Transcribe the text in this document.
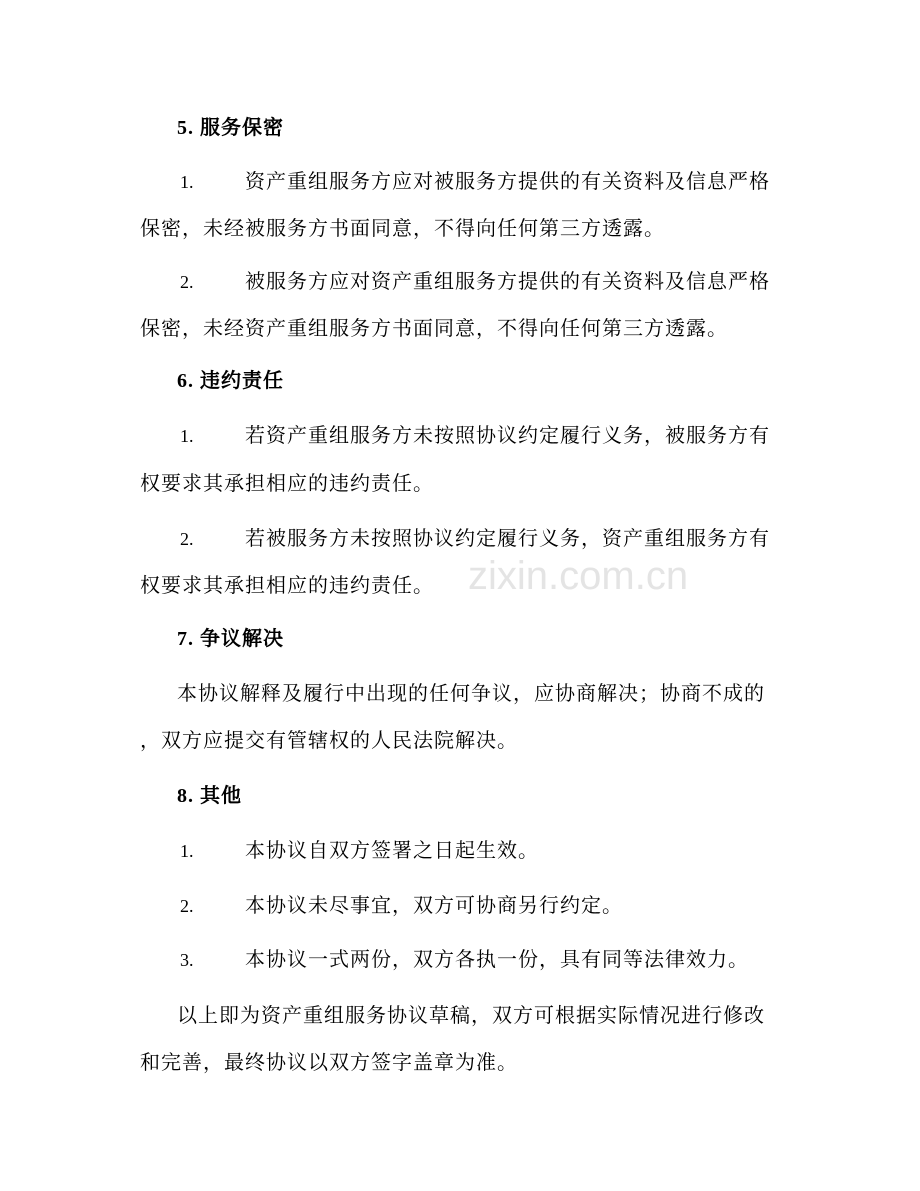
zixin.com.cn
5. 服务保密
1.	资产重组服务方应对被服务方提供的有关资料及信息严格
保密，未经被服务方书面同意，不得向任何第三方透露。
2.	被服务方应对资产重组服务方提供的有关资料及信息严格
保密，未经资产重组服务方书面同意，不得向任何第三方透露。
6. 违约责任
1.	若资产重组服务方未按照协议约定履行义务，被服务方有
权要求其承担相应的违约责任。
2.	若被服务方未按照协议约定履行义务，资产重组服务方有
权要求其承担相应的违约责任。
7. 争议解决
本协议解释及履行中出现的任何争议，应协商解决；协商不成的
，双方应提交有管辖权的人民法院解决。
8. 其他
1.	本协议自双方签署之日起生效。
2.	本协议未尽事宜，双方可协商另行约定。
3.	本协议一式两份，双方各执一份，具有同等法律效力。
以上即为资产重组服务协议草稿，双方可根据实际情况进行修改
和完善，最终协议以双方签字盖章为准。
